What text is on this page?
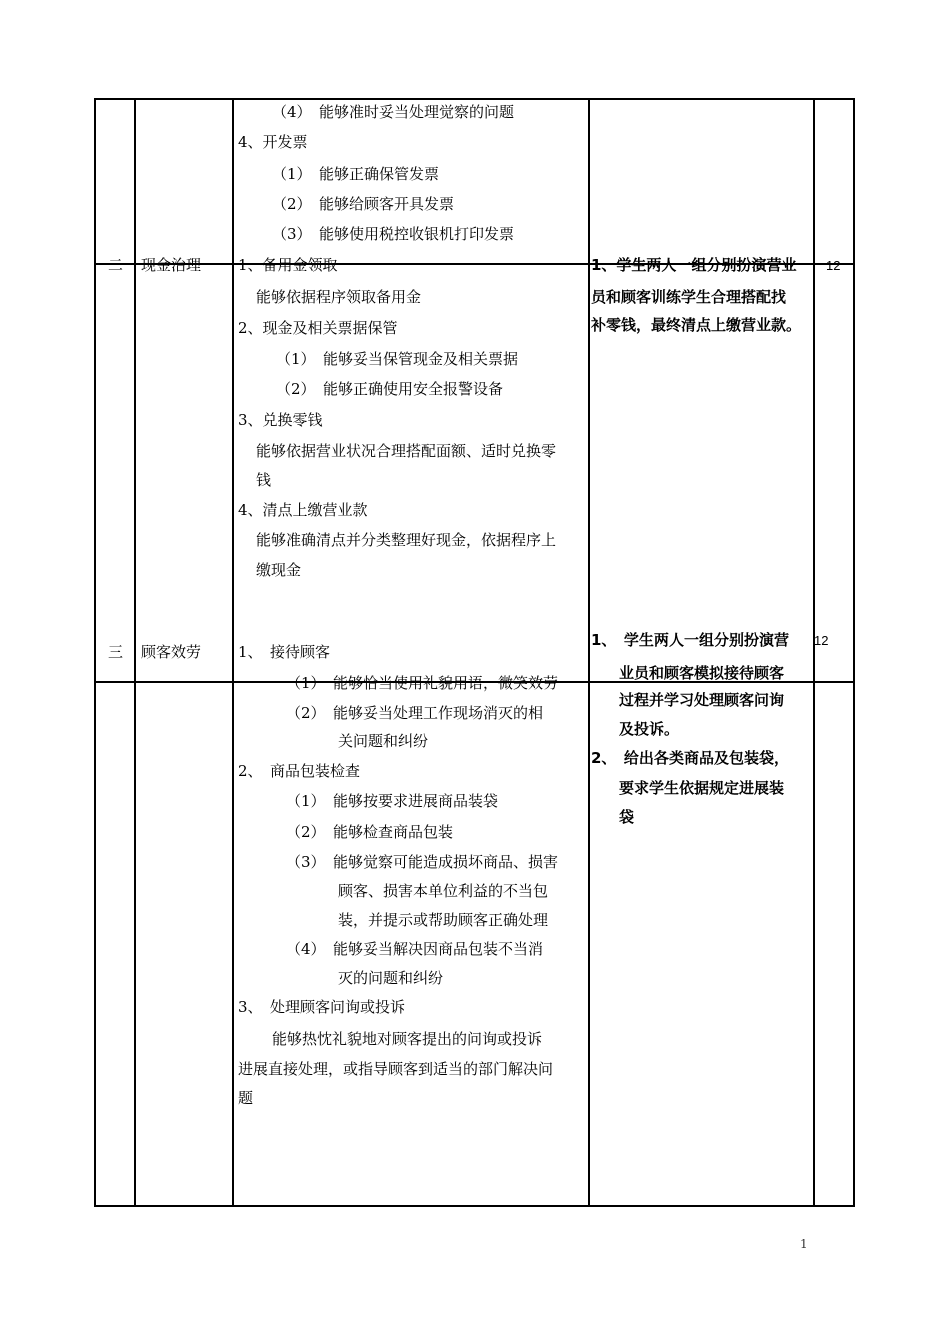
（4）　能够准时妥当处理觉察的问题
4、开发票
（1）　能够正确保管发票
（2）　能够给顾客开具发票
（3）　能够使用税控收银机打印发票
二 现金治理 1、备用金领取
能够依据程序领取备用金
2、现金及相关票据保管
（1）　能够妥当保管现金及相关票据
（2）　能够正确使用安全报警设备
3、兑换零钱
能够依据营业状况合理搭配面额、适时兑换零
钱
4、清点上缴营业款
能够准确清点并分类整理好现金，依据程序上
缴现金
1、学生两人一组分别扮演营业
员和顾客训练学生合理搭配找
补零钱，最终清点上缴营业款。
12
三 顾客效劳 1、　接待顾客
（1）　能够恰当使用礼貌用语，微笑效劳
（2）　能够妥当处理工作现场消灭的相
关问题和纠纷
2、　商品包装检查
（1）　能够按要求进展商品装袋
（2）　能够检查商品包装
（3）　能够觉察可能造成损坏商品、损害
顾客、损害本单位利益的不当包
装，并提示或帮助顾客正确处理
（4）　能够妥当解决因商品包装不当消
灭的问题和纠纷
3、　处理顾客问询或投诉
能够热忱礼貌地对顾客提出的问询或投诉
进展直接处理，或指导顾客到适当的部门解决问
题
1、　学生两人一组分别扮演营
业员和顾客模拟接待顾客
过程并学习处理顾客问询
及投诉。
2、　给出各类商品及包装袋，
要求学生依据规定进展装
袋
12
1
